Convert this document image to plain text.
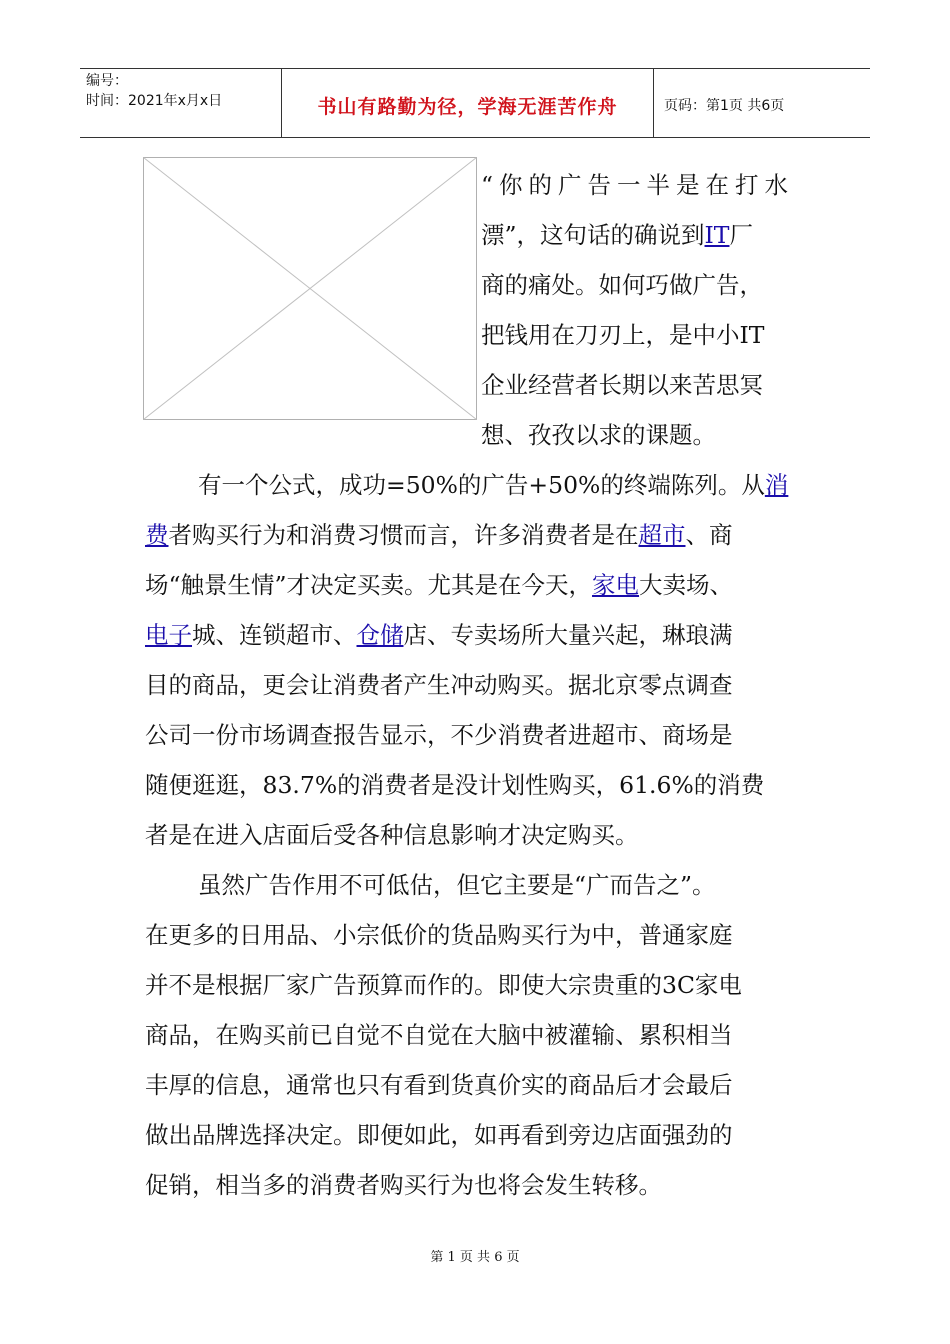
编号：
时间：2021年x月x日	书山有路勤为径，学海无涯苦作舟	页码：第1页 共6页
“你的广告一半是在打水
漂”，这句话的确说到IT厂
商的痛处。如何巧做广告，
把钱用在刀刃上，是中小IT
企业经营者长期以来苦思冥
想、孜孜以求的课题。
有一个公式，成功=50%的广告+50%的终端陈列。从消
费者购买行为和消费习惯而言，许多消费者是在超市、商
场“触景生情”才决定买卖。尤其是在今天，家电大卖场、
电子城、连锁超市、仓储店、专卖场所大量兴起，琳琅满
目的商品，更会让消费者产生冲动购买。据北京零点调查
公司一份市场调查报告显示，不少消费者进超市、商场是
随便逛逛，83.7%的消费者是没计划性购买，61.6%的消费
者是在进入店面后受各种信息影响才决定购买。
虽然广告作用不可低估，但它主要是“广而告之”。
在更多的日用品、小宗低价的货品购买行为中，普通家庭
并不是根据厂家广告预算而作的。即使大宗贵重的3C家电
商品，在购买前已自觉不自觉在大脑中被灌输、累积相当
丰厚的信息，通常也只有看到货真价实的商品后才会最后
做出品牌选择决定。即便如此，如再看到旁边店面强劲的
促销，相当多的消费者购买行为也将会发生转移。
第 1 页 共 6 页
